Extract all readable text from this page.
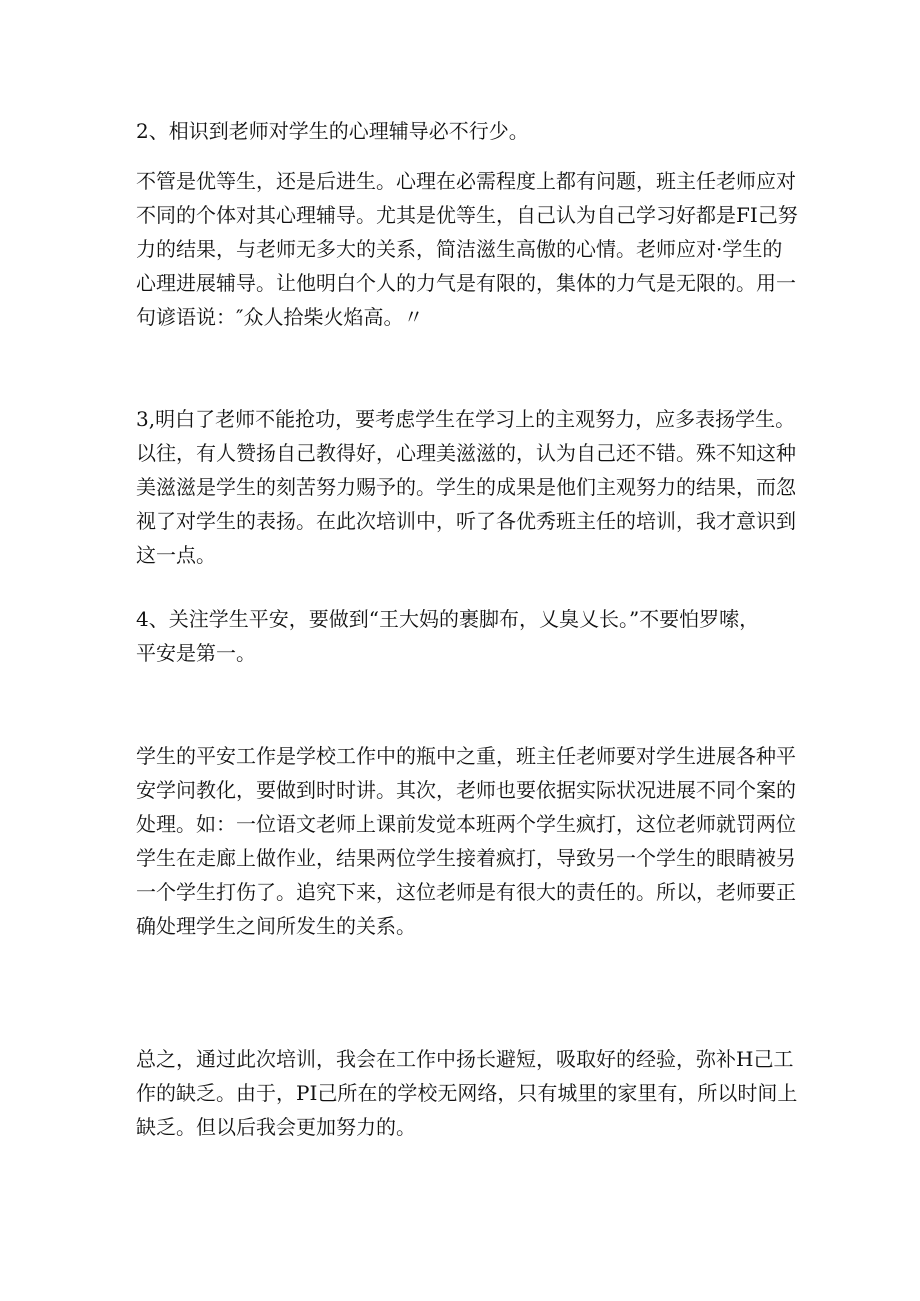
2、相识到老师对学生的心理辅导必不行少。
不管是优等生，还是后进生。心理在必需程度上都有问题，班主任老师应对
不同的个体对其心理辅导。尤其是优等生，自己认为自己学习好都是FI己努
力的结果，与老师无多大的关系，简洁滋生高傲的心情。老师应对·学生的
心理进展辅导。让他明白个人的力气是有限的，集体的力气是无限的。用一
句谚语说：″众人拾柴火焰高。〃
3,明白了老师不能抢功，要考虑学生在学习上的主观努力，应多表扬学生。
以往，有人赞扬自己教得好，心理美滋滋的，认为自己还不错。殊不知这种
美滋滋是学生的刻苦努力赐予的。学生的成果是他们主观努力的结果，而忽
视了对学生的表扬。在此次培训中，听了各优秀班主任的培训，我才意识到
这一点。
4、关注学生平安，要做到“王大妈的裹脚布，乂臭乂长。”不要怕罗嗦，
平安是第一。
学生的平安工作是学校工作中的瓶中之重，班主任老师要对学生进展各种平
安学问教化，要做到时时讲。其次，老师也要依据实际状况进展不同个案的
处理。如：一位语文老师上课前发觉本班两个学生疯打，这位老师就罚两位
学生在走廊上做作业，结果两位学生接着疯打，导致另一个学生的眼睛被另
一个学生打伤了。追究下来，这位老师是有很大的责任的。所以，老师要正
确处理学生之间所发生的关系。
总之，通过此次培训，我会在工作中扬长避短，吸取好的经验，弥补H己工
作的缺乏。由于，PI己所在的学校无网络，只有城里的家里有，所以时间上
缺乏。但以后我会更加努力的。
